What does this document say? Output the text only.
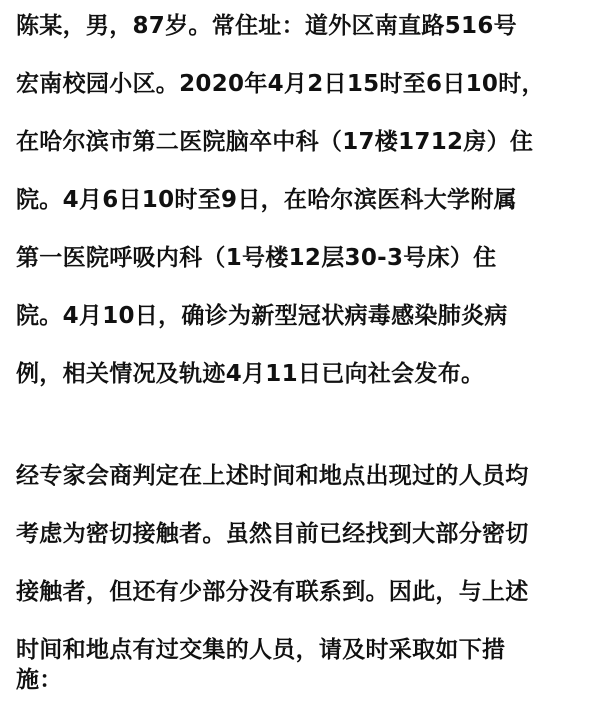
陈某，男，87岁。常住址：道外区南直路516号
宏南校园小区。2020年4月2日15时至6日10时，
在哈尔滨市第二医院脑卒中科（17楼1712房）住
院。4月6日10时至9日，在哈尔滨医科大学附属
第一医院呼吸内科（1号楼12层30-3号床）住
院。4月10日，确诊为新型冠状病毒感染肺炎病
例，相关情况及轨迹4月11日已向社会发布。
经专家会商判定在上述时间和地点出现过的人员均
考虑为密切接触者。虽然目前已经找到大部分密切
接触者，但还有少部分没有联系到。因此，与上述
时间和地点有过交集的人员，请及时采取如下措
施：
